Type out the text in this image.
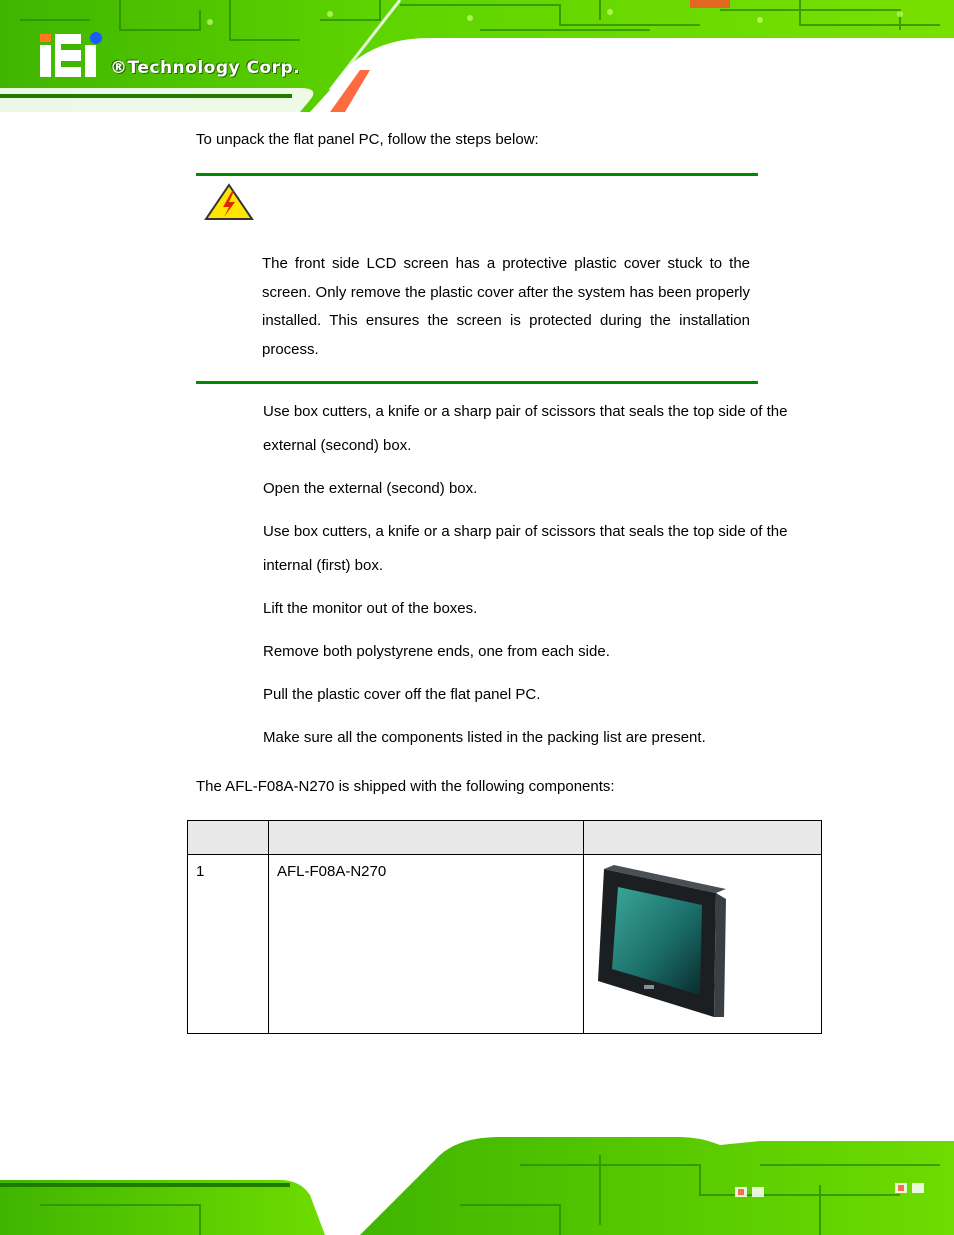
®Technology Corp.
To unpack the flat panel PC, follow the steps below:
The front side LCD screen has a protective plastic cover stuck to the screen. Only remove the plastic cover after the system has been properly installed. This ensures the screen is protected during the installation process.
Use box cutters, a knife or a sharp pair of scissors that seals the top side of the external (second) box.
Open the external (second) box.
Use box cutters, a knife or a sharp pair of scissors that seals the top side of the internal (first) box.
Lift the monitor out of the boxes.
Remove both polystyrene ends, one from each side.
Pull the plastic cover off the flat panel PC.
Make sure all the components listed in the packing list are present.
The AFL-F08A-N270 is shipped with the following components:

1	AFL-F08A-N270	
